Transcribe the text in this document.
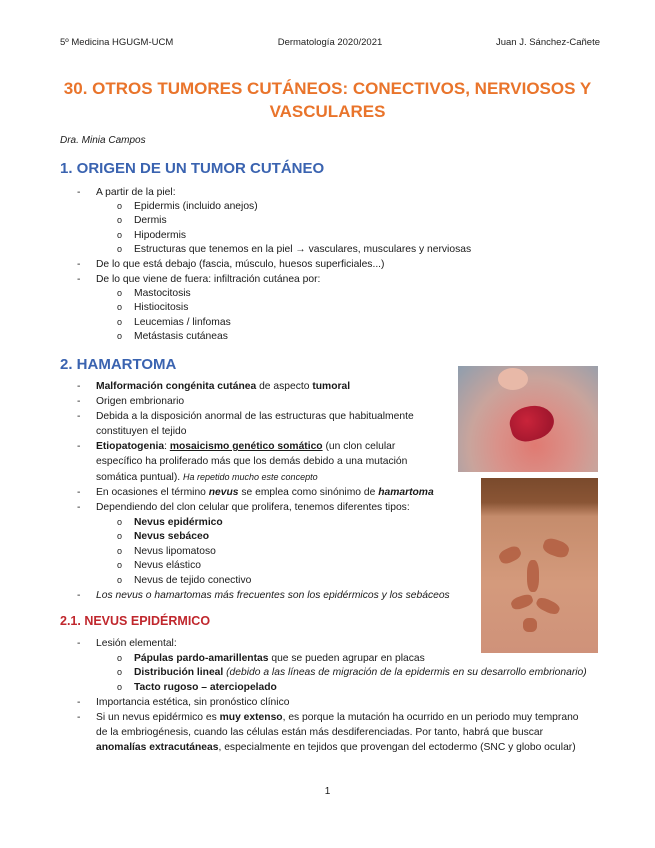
5º Medicina HGUGM-UCM	Dermatología 2020/2021	Juan J. Sánchez-Cañete
30. OTROS TUMORES CUTÁNEOS: CONECTIVOS, NERVIOSOS Y
VASCULARES
Dra. Minia Campos
1. ORIGEN DE UN TUMOR CUTÁNEO
- A partir de la piel:
o Epidermis (incluido anejos)
o Dermis
o Hipodermis
o Estructuras que tenemos en la piel → vasculares, musculares y nerviosas
- De lo que está debajo (fascia, músculo, huesos superficiales...)
- De lo que viene de fuera: infiltración cutánea por:
o Mastocitosis
o Histiocitosis
o Leucemias / linfomas
o Metástasis cutáneas
2. HAMARTOMA
- Malformación congénita cutánea de aspecto tumoral
- Origen embrionario
- Debida a la disposición anormal de las estructuras que habitualmente
constituyen el tejido
- Etiopatogenia: mosaicismo genético somático (un clon celular
específico ha proliferado más que los demás debido a una mutación
somática puntual). Ha repetido mucho este concepto
- En ocasiones el término nevus se emplea como sinónimo de hamartoma
- Dependiendo del clon celular que prolifera, tenemos diferentes tipos:
o Nevus epidérmico
o Nevus sebáceo
o Nevus lipomatoso
o Nevus elástico
o Nevus de tejido conectivo
- Los nevus o hamartomas más frecuentes son los epidérmicos y los sebáceos
2.1. NEVUS EPIDÉRMICO
- Lesión elemental:
o Pápulas pardo-amarillentas que se pueden agrupar en placas
o Distribución lineal (debido a las líneas de migración de la epidermis en su desarrollo embrionario)
o Tacto rugoso – aterciopelado
- Importancia estética, sin pronóstico clínico
- Si un nevus epidérmico es muy extenso, es porque la mutación ha ocurrido en un periodo muy temprano
de la embriogénesis, cuando las células están más desdiferenciadas. Por tanto, habrá que buscar
anomalías extracutáneas, especialmente en tejidos que provengan del ectodermo (SNC y globo ocular)
1
